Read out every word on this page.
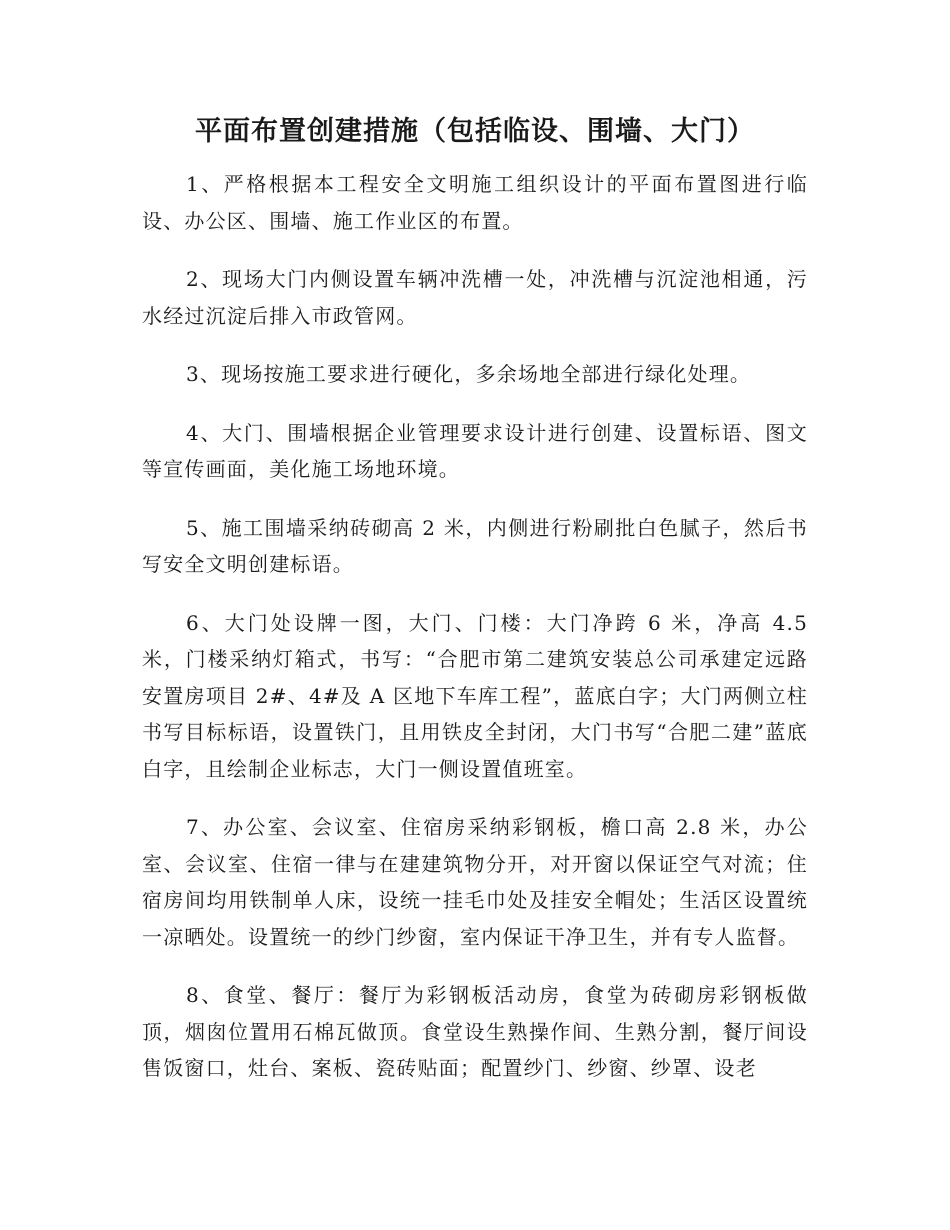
平面布置创建措施（包括临设、围墙、大门）

1、严格根据本工程安全文明施工组织设计的平面布置图进行临设、办公区、围墙、施工作业区的布置。

2、现场大门内侧设置车辆冲洗槽一处，冲洗槽与沉淀池相通，污水经过沉淀后排入市政管网。

3、现场按施工要求进行硬化，多余场地全部进行绿化处理。

4、大门、围墙根据企业管理要求设计进行创建、设置标语、图文等宣传画面，美化施工场地环境。

5、施工围墙采纳砖砌高 2 米，内侧进行粉刷批白色腻子，然后书写安全文明创建标语。

6、大门处设牌一图，大门、门楼：大门净跨 6 米，净高 4.5 米，门楼采纳灯箱式，书写：“合肥市第二建筑安装总公司承建定远路安置房项目 2#、4#及 A 区地下车库工程”，蓝底白字；大门两侧立柱书写目标标语，设置铁门，且用铁皮全封闭，大门书写“合肥二建”蓝底白字，且绘制企业标志，大门一侧设置值班室。

7、办公室、会议室、住宿房采纳彩钢板，檐口高 2.8 米，办公室、会议室、住宿一律与在建建筑物分开，对开窗以保证空气对流；住宿房间均用铁制单人床，设统一挂毛巾处及挂安全帽处；生活区设置统一凉晒处。设置统一的纱门纱窗，室内保证干净卫生，并有专人监督。

8、食堂、餐厅：餐厅为彩钢板活动房，食堂为砖砌房彩钢板做顶，烟囱位置用石棉瓦做顶。食堂设生熟操作间、生熟分割，餐厅间设售饭窗口，灶台、案板、瓷砖贴面；配置纱门、纱窗、纱罩、设老
